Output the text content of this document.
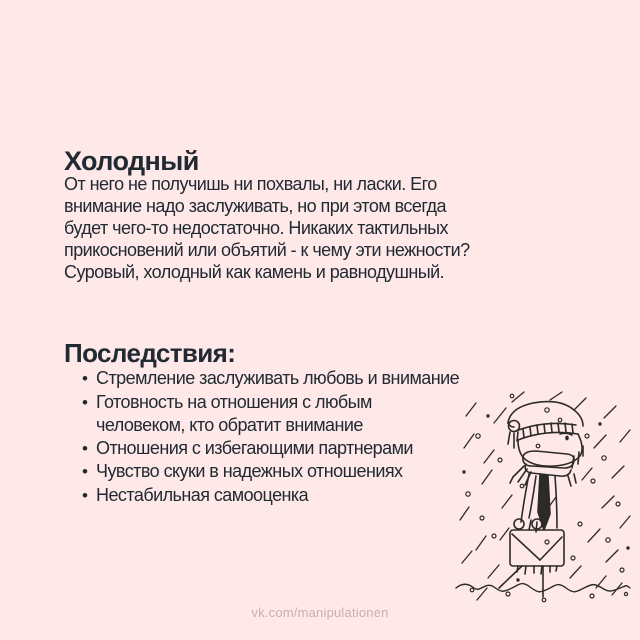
Холодный
От него не получишь ни похвалы, ни ласки. Его
внимание надо заслуживать, но при этом всегда
будет чего-то недостаточно. Никаких тактильных
прикосновений или объятий - к чему эти нежности?
Суровый, холодный как камень и равнодушный.
Последствия:
• Стремление заслуживать любовь и внимание
• Готовность на отношения с любым
человеком, кто обратит внимание
• Отношения с избегающими партнерами
• Чувство скуки в надежных отношениях
• Нестабильная самооценка
vk.com/manipulationen
